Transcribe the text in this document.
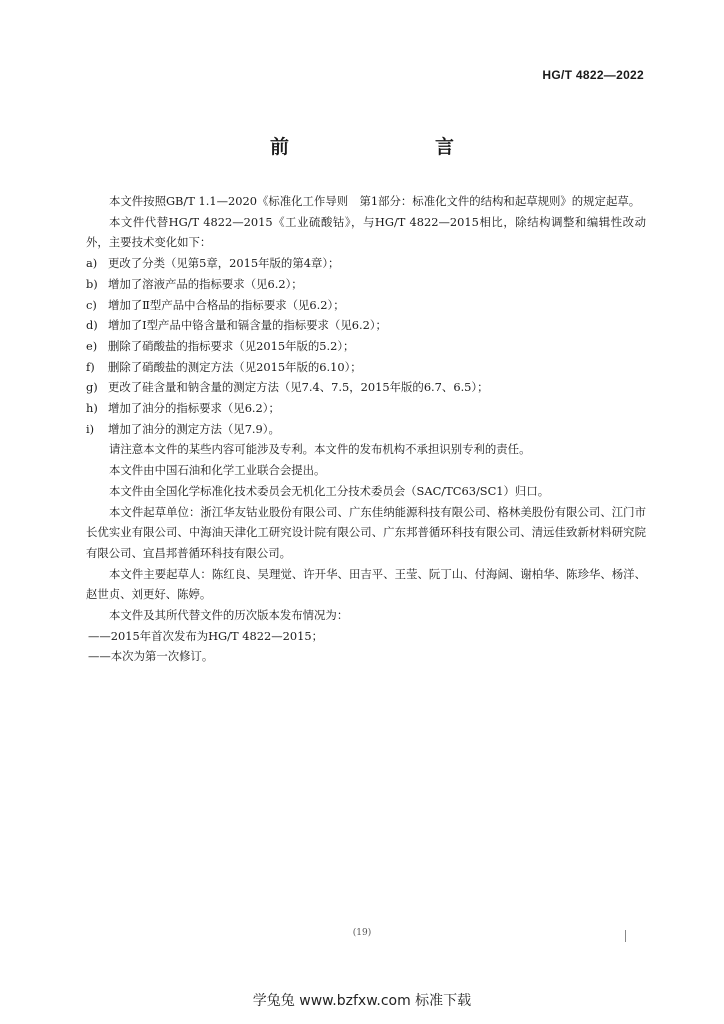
HG/T 4822—2022
前　　言

本文件按照GB/T 1.1—2020《标准化工作导则　第1部分：标准化文件的结构和起草规则》的规定起草。

本文件代替HG/T 4822—2015《工业硫酸钴》，与HG/T 4822—2015相比，除结构调整和编辑性改动外，主要技术变化如下：

a) 更改了分类（见第5章，2015年版的第4章）；

b) 增加了溶液产品的指标要求（见6.2）；

c) 增加了Ⅱ型产品中合格品的指标要求（见6.2）；

d) 增加了Ⅰ型产品中铬含量和镉含量的指标要求（见6.2）；

e) 删除了硝酸盐的指标要求（见2015年版的5.2）；

f) 删除了硝酸盐的测定方法（见2015年版的6.10）；

g) 更改了硅含量和钠含量的测定方法（见7.4、7.5，2015年版的6.7、6.5）；

h) 增加了油分的指标要求（见6.2）；

i) 增加了油分的测定方法（见7.9）。

请注意本文件的某些内容可能涉及专利。本文件的发布机构不承担识别专利的责任。

本文件由中国石油和化学工业联合会提出。

本文件由全国化学标准化技术委员会无机化工分技术委员会（SAC/TC63/SC1）归口。

本文件起草单位：浙江华友钴业股份有限公司、广东佳纳能源科技有限公司、格林美股份有限公司、江门市长优实业有限公司、中海油天津化工研究设计院有限公司、广东邦普循环科技有限公司、清远佳致新材料研究院有限公司、宜昌邦普循环科技有限公司。

本文件主要起草人：陈红良、吴理觉、许开华、田吉平、王莹、阮丁山、付海阔、谢柏华、陈珍华、杨洋、赵世贞、刘更好、陈婷。

本文件及其所代替文件的历次版本发布情况为：

——2015年首次发布为HG/T 4822—2015；

——本次为第一次修订。

(19)
学兔兔 www.bzfxw.com 标准下载
